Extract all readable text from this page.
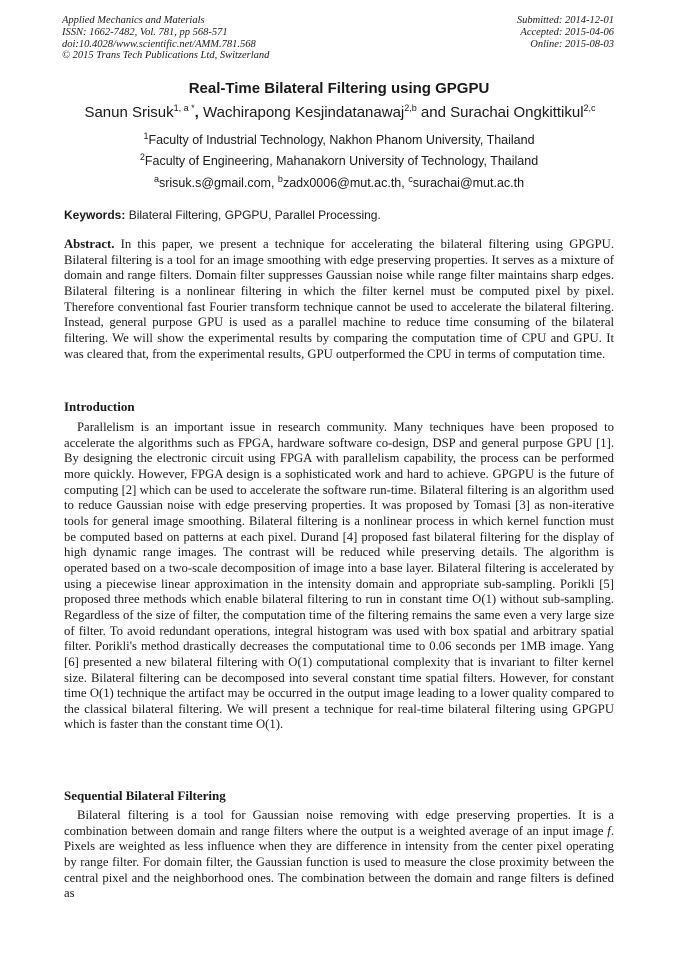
Applied Mechanics and Materials
ISSN: 1662-7482, Vol. 781, pp 568-571
doi:10.4028/www.scientific.net/AMM.781.568
© 2015 Trans Tech Publications Ltd, Switzerland
Submitted: 2014-12-01
Accepted: 2015-04-06
Online: 2015-08-03
Real-Time Bilateral Filtering using GPGPU
Sanun Srisuk$^{1, a *}$, Wachirapong Kesjindatanawaj$^{2,b}$ and Surachai Ongkittikul$^{2,c}$
$^1$Faculty of Industrial Technology, Nakhon Phanom University, Thailand
$^2$Faculty of Engineering, Mahanakorn University of Technology, Thailand
$^a$srisuk.s@gmail.com, $^b$zadx0006@mut.ac.th, $^c$surachai@mut.ac.th
Keywords: Bilateral Filtering, GPGPU, Parallel Processing.
Abstract. In this paper, we present a technique for accelerating the bilateral filtering using GPGPU. Bilateral filtering is a tool for an image smoothing with edge preserving properties. It serves as a mixture of domain and range filters. Domain filter suppresses Gaussian noise while range filter maintains sharp edges. Bilateral filtering is a nonlinear filtering in which the filter kernel must be computed pixel by pixel. Therefore conventional fast Fourier transform technique cannot be used to accelerate the bilateral filtering. Instead, general purpose GPU is used as a parallel machine to reduce time consuming of the bilateral filtering. We will show the experimental results by comparing the computation time of CPU and GPU. It was cleared that, from the experimental results, GPU outperformed the CPU in terms of computation time.
Introduction
Parallelism is an important issue in research community. Many techniques have been proposed to accelerate the algorithms such as FPGA, hardware software co-design, DSP and general purpose GPU [1]. By designing the electronic circuit using FPGA with parallelism capability, the process can be performed more quickly. However, FPGA design is a sophisticated work and hard to achieve. GPGPU is the future of computing [2] which can be used to accelerate the software run-time. Bilateral filtering is an algorithm used to reduce Gaussian noise with edge preserving properties. It was proposed by Tomasi [3] as non-iterative tools for general image smoothing. Bilateral filtering is a nonlinear process in which kernel function must be computed based on patterns at each pixel. Durand [4] proposed fast bilateral filtering for the display of high dynamic range images. The contrast will be reduced while preserving details. The algorithm is operated based on a two-scale decomposition of image into a base layer. Bilateral filtering is accelerated by using a piecewise linear approximation in the intensity domain and appropriate sub-sampling. Porikli [5] proposed three methods which enable bilateral filtering to run in constant time O(1) without sub-sampling. Regardless of the size of filter, the computation time of the filtering remains the same even a very large size of filter. To avoid redundant operations, integral histogram was used with box spatial and arbitrary spatial filter. Porikli's method drastically decreases the computational time to 0.06 seconds per 1MB image. Yang [6] presented a new bilateral filtering with O(1) computational complexity that is invariant to filter kernel size. Bilateral filtering can be decomposed into several constant time spatial filters. However, for constant time O(1) technique the artifact may be occurred in the output image leading to a lower quality compared to the classical bilateral filtering. We will present a technique for real-time bilateral filtering using GPGPU which is faster than the constant time O(1).
Sequential Bilateral Filtering
Bilateral filtering is a tool for Gaussian noise removing with edge preserving properties. It is a combination between domain and range filters where the output is a weighted average of an input image f. Pixels are weighted as less influence when they are difference in intensity from the center pixel operating by range filter. For domain filter, the Gaussian function is used to measure the close proximity between the central pixel and the neighborhood ones. The combination between the domain and range filters is defined as
